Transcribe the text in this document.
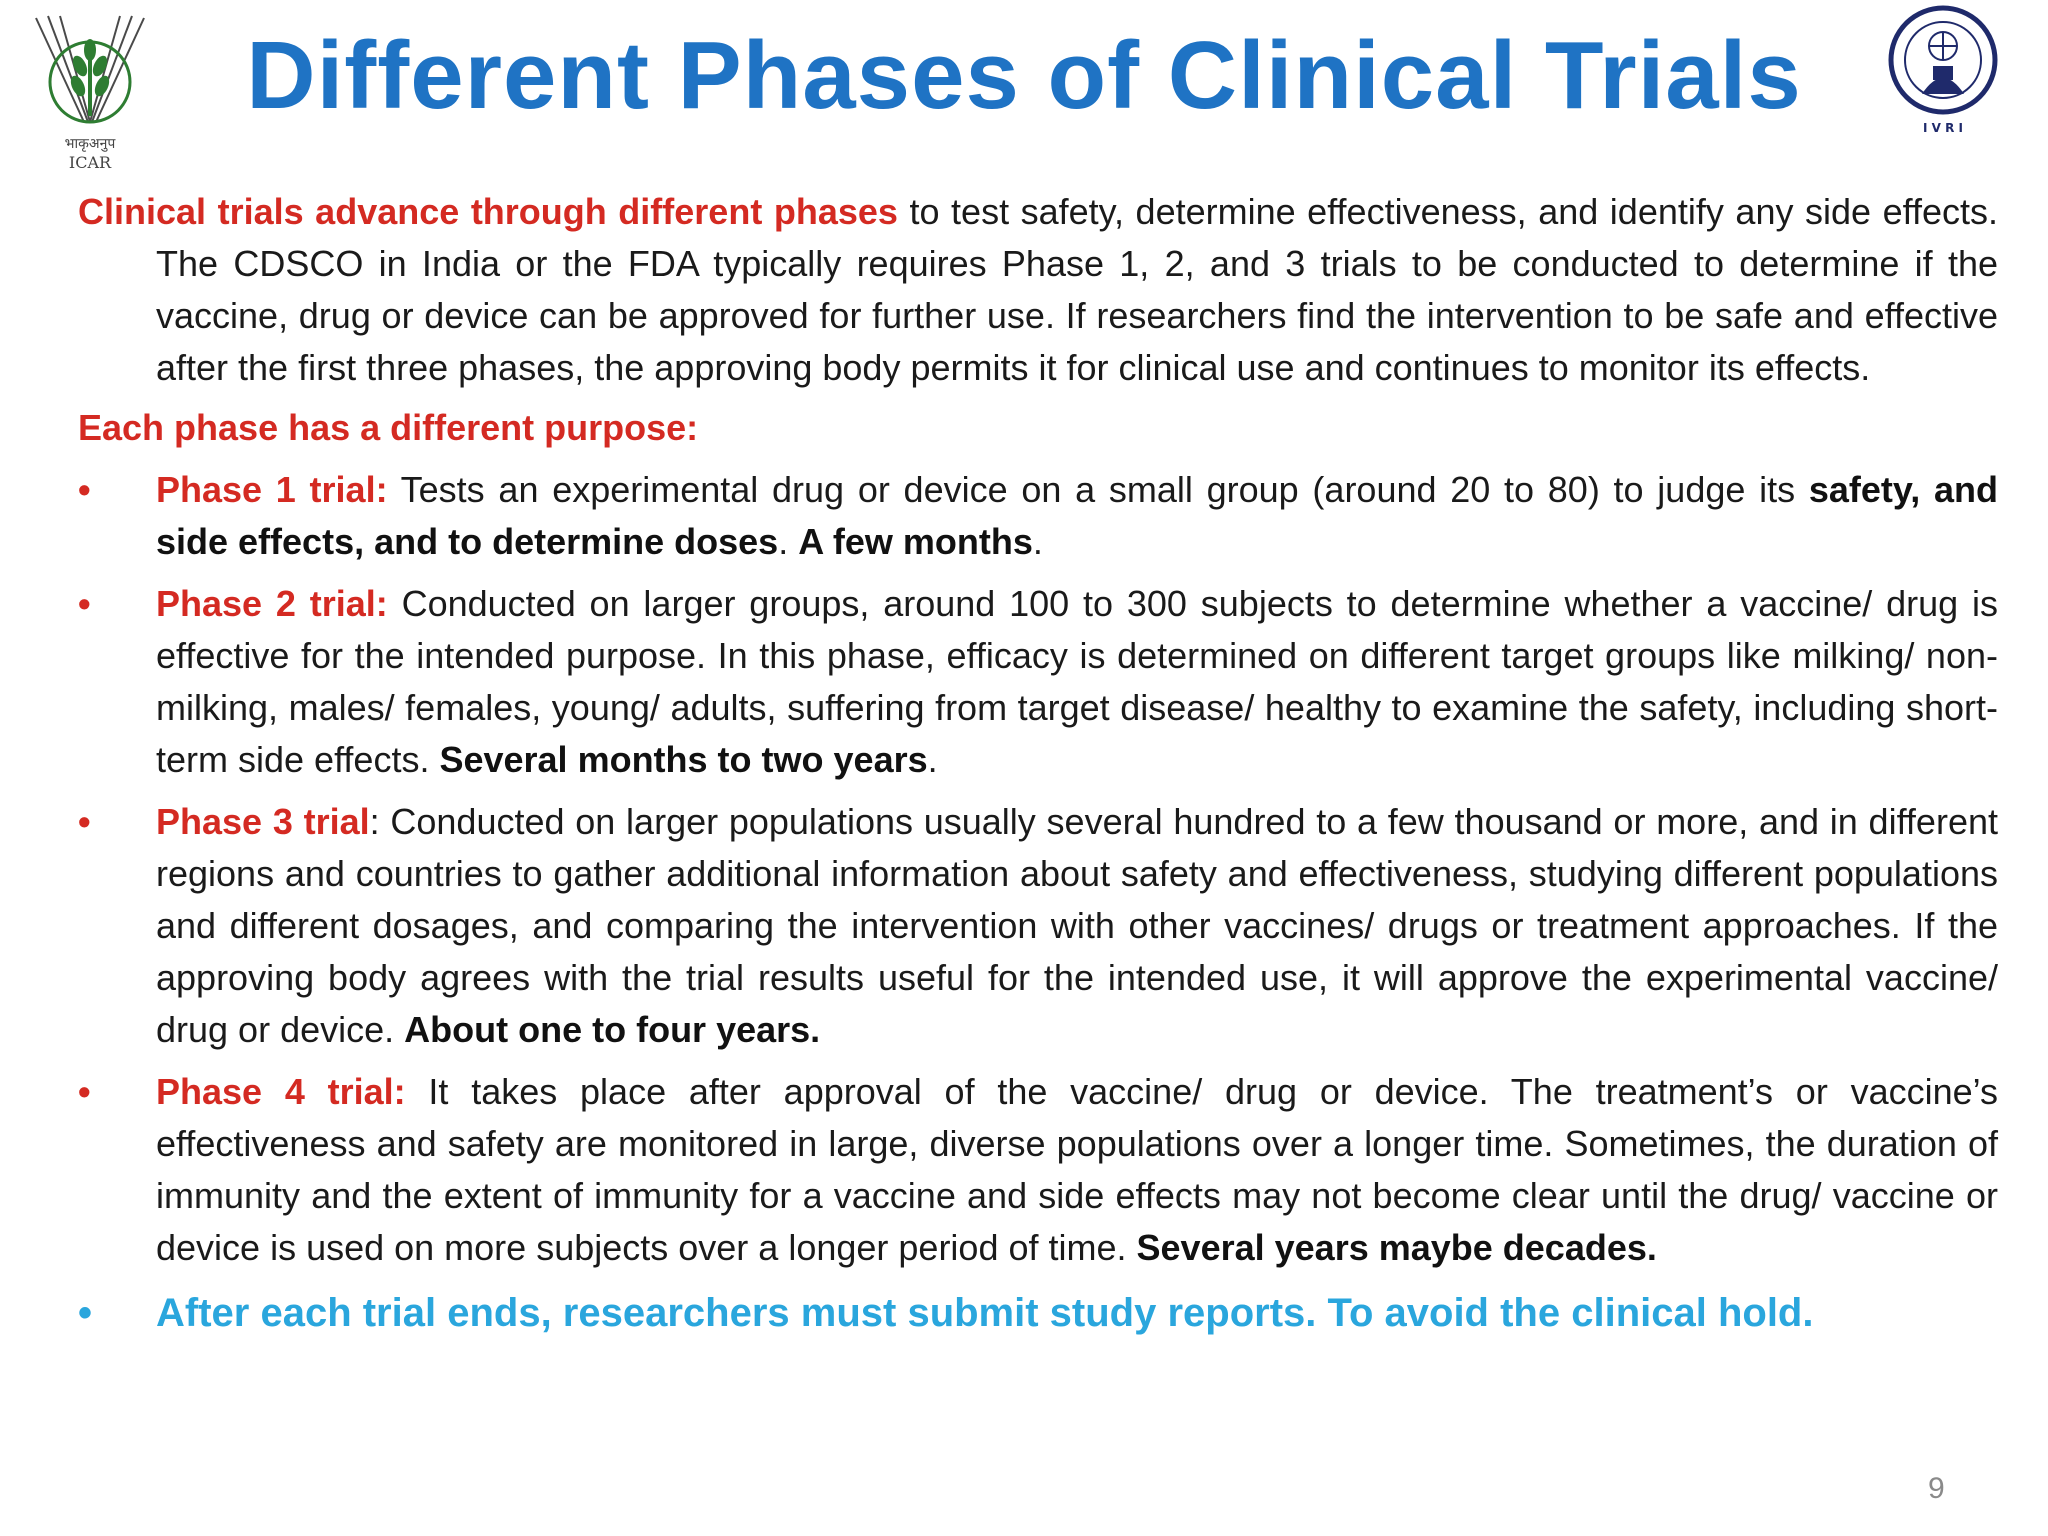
Different Phases of Clinical Trials
भाकृअनुप
ICAR
I V R I

Clinical trials advance through different phases to test safety, determine effectiveness, and identify any side effects. The CDSCO in India or the FDA typically requires Phase 1, 2, and 3 trials to be conducted to determine if the vaccine, drug or device can be approved for further use. If researchers find the intervention to be safe and effective after the first three phases, the approving body permits it for clinical use and continues to monitor its effects.

Each phase has a different purpose:
• Phase 1 trial: Tests an experimental drug or device on a small group (around 20 to 80) to judge its safety, and side effects, and to determine doses. A few months.
• Phase 2 trial: Conducted on larger groups, around 100 to 300 subjects to determine whether a vaccine/ drug is effective for the intended purpose. In this phase, efficacy is determined on different target groups like milking/ non-milking, males/ females, young/ adults, suffering from target disease/ healthy to examine the safety, including short-term side effects. Several months to two years.
• Phase 3 trial: Conducted on larger populations usually several hundred to a few thousand or more, and in different regions and countries to gather additional information about safety and effectiveness, studying different populations and different dosages, and comparing the intervention with other vaccines/ drugs or treatment approaches. If the approving body agrees with the trial results useful for the intended use, it will approve the experimental vaccine/ drug or device. About one to four years.
• Phase 4 trial: It takes place after approval of the vaccine/ drug or device. The treatment’s or vaccine’s effectiveness and safety are monitored in large, diverse populations over a longer time. Sometimes, the duration of immunity and the extent of immunity for a vaccine and side effects may not become clear until the drug/ vaccine or device is used on more subjects over a longer period of time. Several years maybe decades.
• After each trial ends, researchers must submit study reports. To avoid the clinical hold.
9
